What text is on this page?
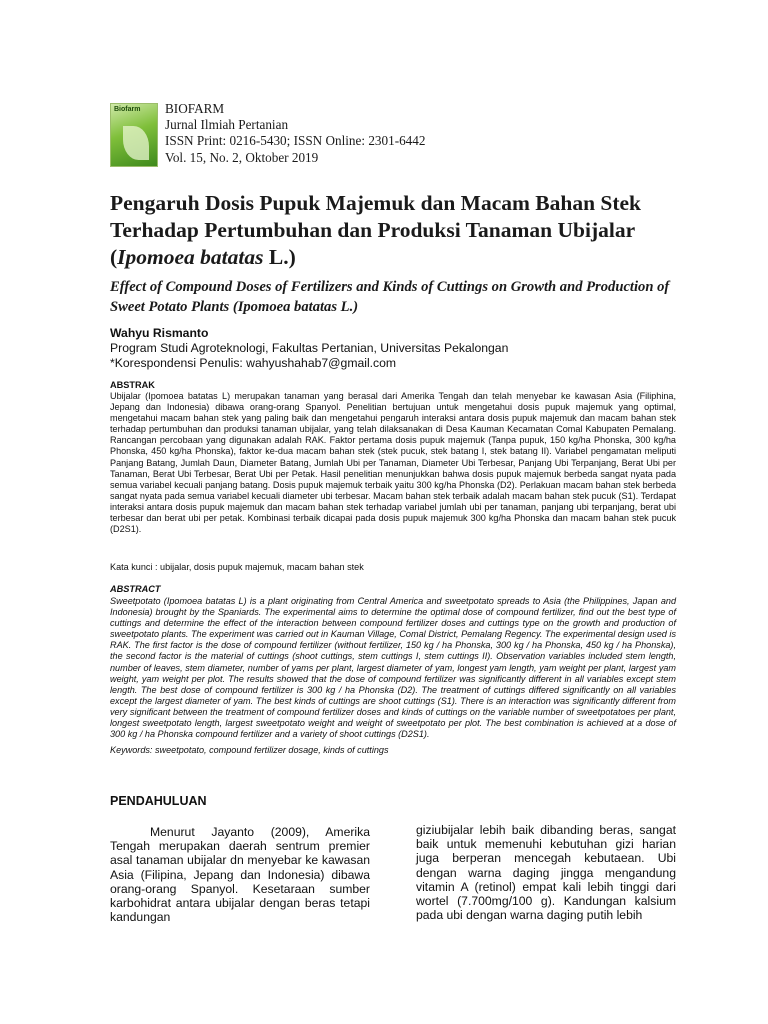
Biofarm BIOFARM
Jurnal Ilmiah Pertanian
ISSN Print: 0216-5430; ISSN Online: 2301-6442
Vol. 15, No. 2, Oktober 2019
Pengaruh Dosis Pupuk Majemuk dan Macam Bahan Stek Terhadap Pertumbuhan dan Produksi Tanaman Ubijalar (Ipomoea batatas L.)
Effect of Compound Doses of Fertilizers and Kinds of Cuttings on Growth and Production of Sweet Potato Plants (Ipomoea batatas L.)
Wahyu Rismanto
Program Studi Agroteknologi, Fakultas Pertanian, Universitas Pekalongan
*Korespondensi Penulis: wahyushahab7@gmail.com
ABSTRAK
Ubijalar (Ipomoea batatas L) merupakan tanaman yang berasal dari Amerika Tengah dan telah menyebar ke kawasan Asia (Filiphina, Jepang dan Indonesia) dibawa orang-orang Spanyol. Penelitian bertujuan untuk mengetahui dosis pupuk majemuk yang optimal, mengetahui macam bahan stek yang paling baik dan mengetahui pengaruh interaksi antara dosis pupuk majemuk dan macam bahan stek terhadap pertumbuhan dan produksi tanaman ubijalar, yang telah dilaksanakan di Desa Kauman Kecamatan Comal Kabupaten Pemalang. Rancangan percobaan yang digunakan adalah RAK. Faktor pertama dosis pupuk majemuk (Tanpa pupuk, 150 kg/ha Phonska, 300 kg/ha Phonska, 450 kg/ha Phonska), faktor ke-dua macam bahan stek (stek pucuk, stek batang I, stek batang II). Variabel pengamatan meliputi Panjang Batang, Jumlah Daun, Diameter Batang, Jumlah Ubi per Tanaman, Diameter Ubi Terbesar, Panjang Ubi Terpanjang, Berat Ubi per Tanaman, Berat Ubi Terbesar, Berat Ubi per Petak. Hasil penelitian menunjukkan bahwa dosis pupuk majemuk berbeda sangat nyata pada semua variabel kecuali panjang batang. Dosis pupuk majemuk terbaik yaitu 300 kg/ha Phonska (D2). Perlakuan macam bahan stek berbeda sangat nyata pada semua variabel kecuali diameter ubi terbesar. Macam bahan stek terbaik adalah macam bahan stek pucuk (S1). Terdapat interaksi antara dosis pupuk majemuk dan macam bahan stek terhadap variabel jumlah ubi per tanaman, panjang ubi terpanjang, berat ubi terbesar dan berat ubi per petak. Kombinasi terbaik dicapai pada dosis pupuk majemuk 300 kg/ha Phonska dan macam bahan stek pucuk (D2S1).
Kata kunci : ubijalar, dosis pupuk majemuk, macam bahan stek
ABSTRACT
Sweetpotato (Ipomoea batatas L) is a plant originating from Central America and sweetpotato spreads to Asia (the Philippines, Japan and Indonesia) brought by the Spaniards. The experimental aims to determine the optimal dose of compound fertilizer, find out the best type of cuttings and determine the effect of the interaction between compound fertilizer doses and cuttings type on the growth and production of sweetpotato plants. The experiment was carried out in Kauman Village, Comal District, Pemalang Regency. The experimental design used is RAK. The first factor is the dose of compound fertilizer (without fertilizer, 150 kg / ha Phonska, 300 kg / ha Phonska, 450 kg / ha Phonska), the second factor is the material of cuttings (shoot cuttings, stem cuttings I, stem cuttings II). Observation variables included stem length, number of leaves, stem diameter, number of yams per plant, largest diameter of yam, longest yam length, yam weight per plant, largest yam weight, yam weight per plot. The results showed that the dose of compound fertilizer was significantly different in all variables except stem length. The best dose of compound fertilizer is 300 kg / ha Phonska (D2). The treatment of cuttings differed significantly on all variables except the largest diameter of yam. The best kinds of cuttings are shoot cuttings (S1). There is an interaction was significantly different from very significant between the treatment of compound fertilizer doses and kinds of cuttings on the variable number of sweetpotatoes per plant, longest sweetpotato length, largest sweetpotato weight and weight of sweetpotato per plot. The best combination is achieved at a dose of 300 kg / ha Phonska compound fertilizer and a variety of shoot cuttings (D2S1).
Keywords: sweetpotato, compound fertilizer dosage, kinds of cuttings
PENDAHULUAN
Menurut Jayanto (2009), Amerika Tengah merupakan daerah sentrum premier asal tanaman ubijalar dn menyebar ke kawasan Asia (Filipina, Jepang dan Indonesia) dibawa orang-orang Spanyol. Kesetaraan sumber karbohidrat antara ubijalar dengan beras tetapi kandungan
giziubijalar lebih baik dibanding beras, sangat baik untuk memenuhi kebutuhan gizi harian juga berperan mencegah kebutaean. Ubi dengan warna daging jingga mengandung vitamin A (retinol) empat kali lebih tinggi dari wortel (7.700mg/100 g). Kandungan kalsium pada ubi dengan warna daging putih lebih
